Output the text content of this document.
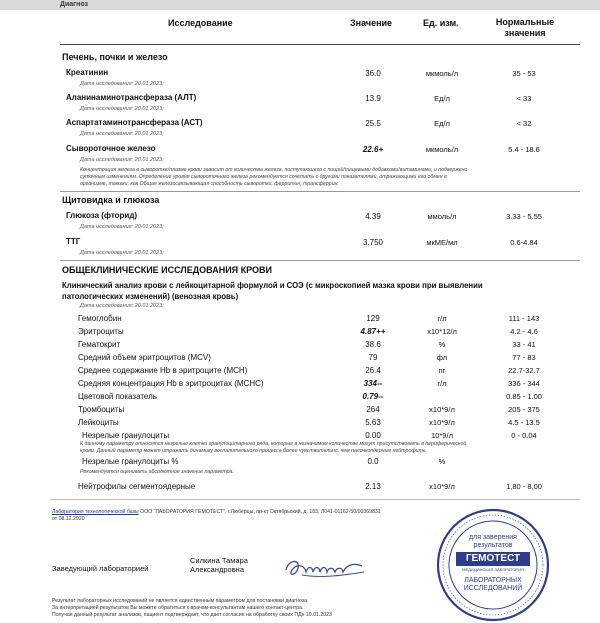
Диагноз
Исследование	Значение	Ед. изм.	Нормальные
значения
Печень, почки и железо
Креатинин
Дата исследования: 20.01.2023;
36.0	мкмоль/л	35 - 53
Аланинаминотрансфераза (АЛТ)
Дата исследования: 20.01.2023;
13.9	Ед/л	< 33
Аспартатаминотрансфераза (АСТ)
Дата исследования: 20.01.2023;
25.5	Ед/л	< 32
Сывороточное железо
Дата исследования: 20.01.2023;
22.6+	мкмоль/л	5.4 - 18.6
Концентрация железа в сыворотке/плазме крови зависит от количества железа, поступающего с пищей/пищевыми добавками/витаминами, и подвержено
суточным изменениям. Определение уровня сывороточного железа рекомендуется сочетать с другими показателями, отражающими его обмен в
организме, такими, как Общая железосвязывающая способность сыворотки, ферритин, трансферрин.
Щитовидка и глюкоза
Глюкоза (фторид)
Дата исследования: 20.01.2023;
4.39	ммоль/л	3.33 - 5.55
ТТГ
Дата исследования: 20.01.2023;
3.750	мкМЕ/мл	0.6-4.84
ОБЩЕКЛИНИЧЕСКИЕ ИССЛЕДОВАНИЯ КРОВИ
Клинический анализ крови с лейкоцитарной формулой и СОЭ (с микроскопией мазка крови при выявлении
патологических изменений) (венозная кровь)
Дата исследования: 20.01.2023;
Гемоглобин	129	г/л	111 - 143
Эритроциты	4.87++	x10*12/л	4.2 - 4.6
Гематокрит	38.6	%	33 - 41
Средний объем эритроцитов (MCV)	79	фл	77 - 83
Среднее содержание Hb в эритроците (MCH)	26.4	пг	22.7-32.7
Средняя концентрация Hb в эритроцитах (MCHC)	334--	г/л	336 - 344
Цветовой показатель	0.79--	0.85 - 1.00
Тромбоциты	264	x10*9/л	205 - 375
Лейкоциты	5.63	x10*9/л	4.5 - 13.5
Незрелые гранулоциты	0.00	10*9/л	0 - 0.04
К данному параметру относятся незрелые клетки гранулоцитарного ряда, которые в незначимом количестве могут присутствовать в периферической
крови. Данный параметр может отражать динамику воспалительного процесса более чувствительно, чем палочкоядерные нейтрофилы.
Незрелые гранулоциты %	0.0	%
Рекомендуется оценивать абсолютное значение параметра.
Нейтрофилы сегментоядерные	2.13	x10*9/л	1,80 - 8,00
Лаборатория технологической базы ООО "ЛАБОРАТОРИЯ ГЕМОТЕСТ", г.Люберцы, пр-кт Октябрьский, д. 183, Л041-01162-50/00369831
от 08.12.2020
Заведующий лабораторией
Силкина Тамара
Александровна
Результат лабораторных исследований не является единственным параметром для постановки диагноза.
За интерпретацией результатов Вы можете обратиться к врачам-консультантам нашего контакт-центра.
Получая данный результат анализов, пациент подтверждает, что дает согласие на обработку своих ПДн 19.01.2023
для заверения
результатов
ГЕМОТЕСТ
МЕДИЦИНСКАЯ ЛАБОРАТОРИЯ
ЛАБОРАТОРНЫХ
ИССЛЕДОВАНИЙ
